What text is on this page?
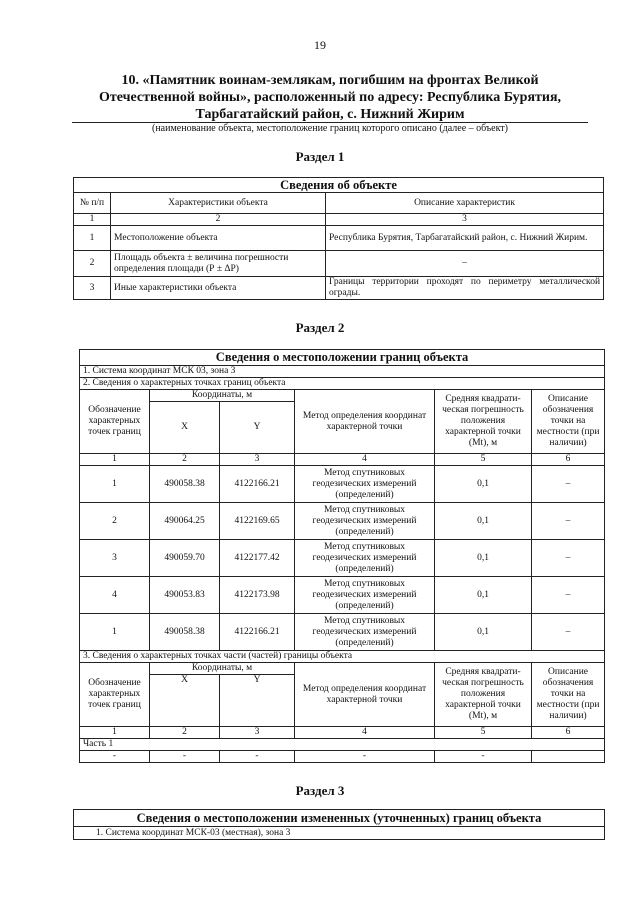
19
10. «Памятник воинам-землякам, погибшим на фронтах Великой Отечественной войны», расположенный по адресу: Республика Бурятия, Тарбагатайский район, с. Нижний Жирим
(наименование объекта, местоположение границ которого описано (далее – объект)
Раздел 1
Сведения об объекте		
№ п/п	Характеристики объекта	Описание характеристик
1	2	3
1	Местоположение объекта	Республика Бурятия, Тарбагатайский район, с. Нижний Жирим.
2	Площадь объекта ± величина погрешности определения площади (Р ± ΔР)	–
3	Иные характеристики объекта	Границы территории проходят по периметру металлической ограды.
Раздел 2
Сведения о местоположении границ объекта					
1. Система координат МСК 03, зона 3					
2. Сведения о характерных точках границ объекта					
Обозначение характерных точек границ	Координаты, м		Метод определения координат характерной точки	Средняя квадрати-ческая погрешность положения характерной точки (Мt), м	Описание обозначения точки на местности (при наличии)
	X	Y			
1	2	3	4	5	6
1	490058.38	4122166.21	Метод спутниковых геодезических измерений (определений)	0,1	–
2	490064.25	4122169.65	Метод спутниковых геодезических измерений (определений)	0,1	–
3	490059.70	4122177.42	Метод спутниковых геодезических измерений (определений)	0,1	–
4	490053.83	4122173.98	Метод спутниковых геодезических измерений (определений)	0,1	–
1	490058.38	4122166.21	Метод спутниковых геодезических измерений (определений)	0,1	–
3. Сведения о характерных точках части (частей) границы объекта					
Обозначение характерных точек границ	Координаты, м		Метод определения координат характерной точки	Средняя квадрати-ческая погрешность положения характерной точки (Мt), м	Описание обозначения точки на местности (при наличии)
	X	Y			
1	2	3	4	5	6
Часть 1					
-	-	-	-	-	
Раздел 3
Сведения о местоположении измененных (уточненных) границ объекта
1. Система координат МСК-03 (местная), зона 3
